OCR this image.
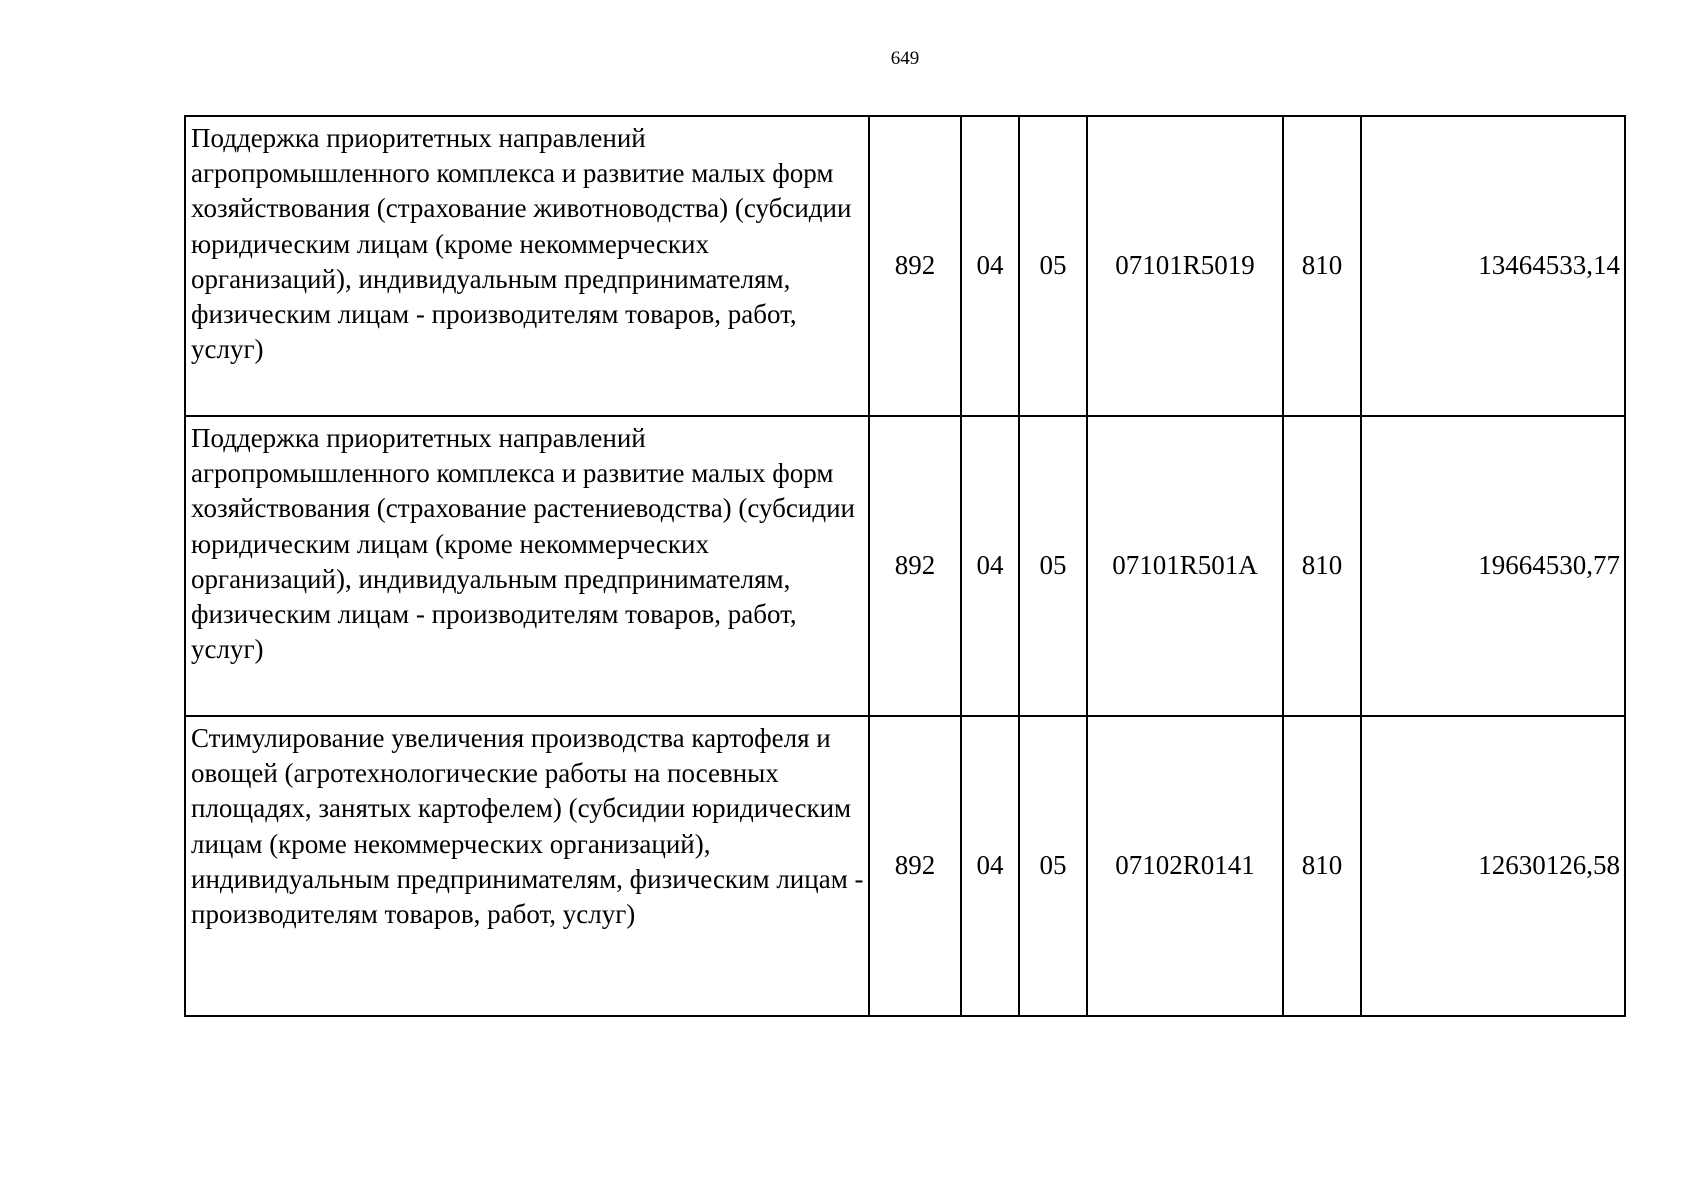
649
Поддержка приоритетных направлений агропромышленного комплекса и развитие малых форм хозяйствования (страхование животноводства) (субсидии юридическим лицам (кроме некоммерческих организаций), индивидуальным предпринимателям, физическим лицам - производителям товаров, работ, услуг)	892	04	05	07101R5019	810	13464533,14
Поддержка приоритетных направлений агропромышленного комплекса и развитие малых форм хозяйствования (страхование растениеводства) (субсидии юридическим лицам (кроме некоммерческих организаций), индивидуальным предпринимателям, физическим лицам - производителям товаров, работ, услуг)	892	04	05	07101R501A	810	19664530,77
Стимулирование увеличения производства картофеля и овощей (агротехнологические работы на посевных площадях, занятых картофелем) (субсидии юридическим лицам (кроме некоммерческих организаций), индивидуальным предпринимателям, физическим лицам - производителям товаров, работ, услуг)	892	04	05	07102R0141	810	12630126,58
